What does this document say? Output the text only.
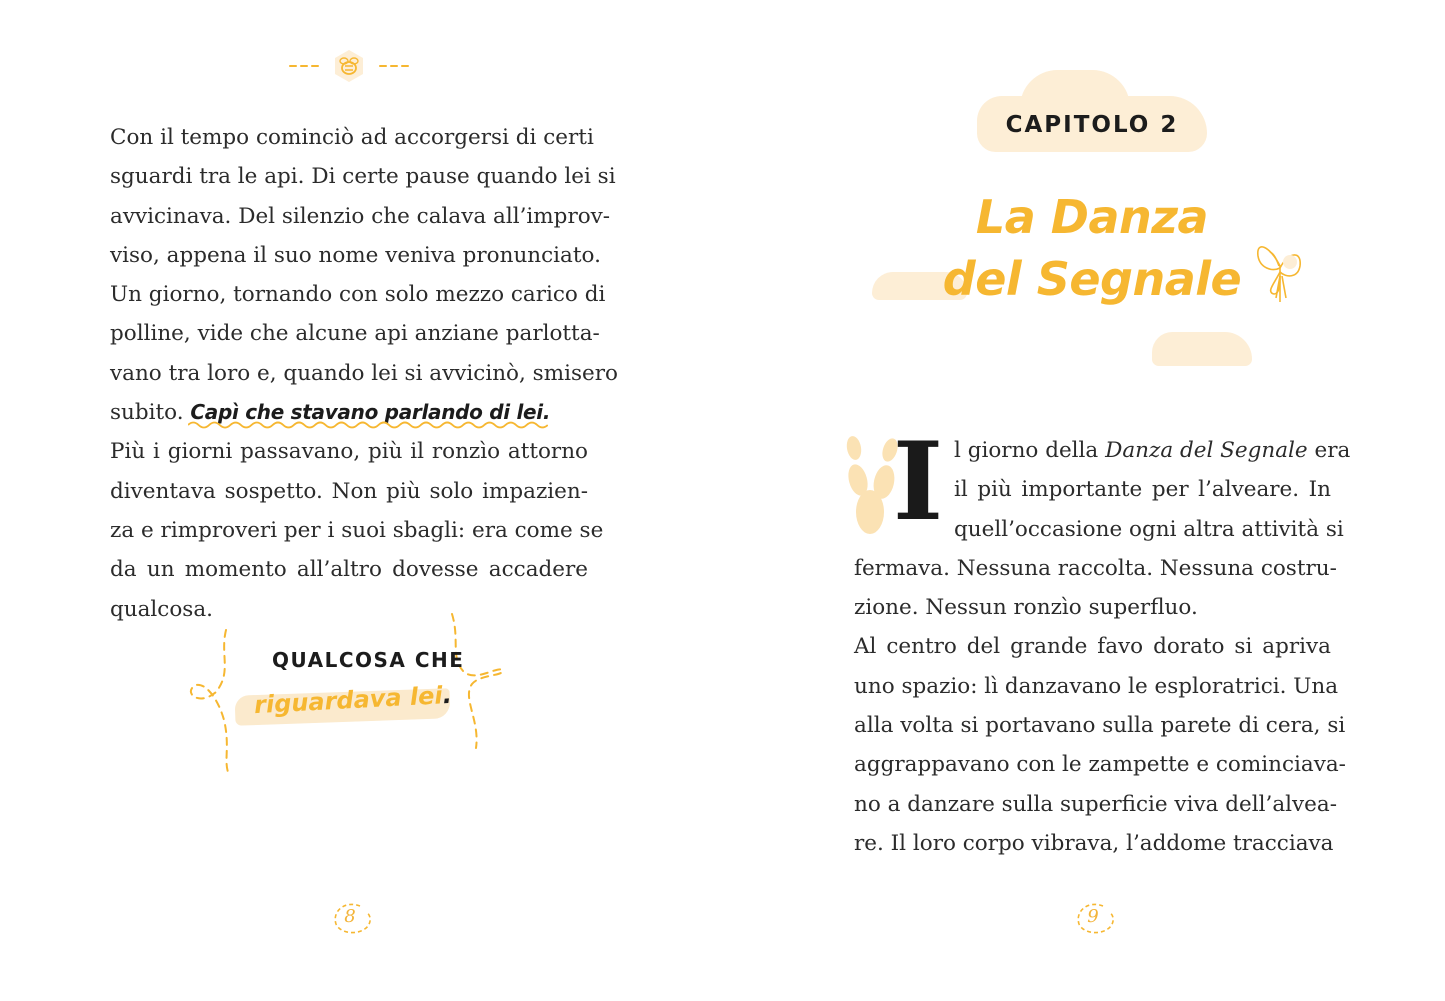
Con il tempo cominciò ad accorgersi di certi
sguardi tra le api. Di certe pause quando lei si
avvicinava. Del silenzio che calava all’improv-
viso, appena il suo nome veniva pronunciato.
Un giorno, tornando con solo mezzo carico di
polline, vide che alcune api anziane parlotta-
vano tra loro e, quando lei si avvicinò, smisero
subito. Capì che stavano parlando di lei.
Più i giorni passavano, più il ronzìo attorno
diventava sospetto. Non più solo impazien-
za e rimproveri per i suoi sbagli: era come se
da un momento all’altro dovesse accadere
qualcosa.
QUALCOSA CHE
riguardava lei.
8
CAPITOLO 2
La Danza
del Segnale
I l giorno della Danza del Segnale era
il più importante per l’alveare. In
quell’occasione ogni altra attività si
fermava. Nessuna raccolta. Nessuna costru-
zione. Nessun ronzìo superfluo.
Al centro del grande favo dorato si apriva
uno spazio: lì danzavano le esploratrici. Una
alla volta si portavano sulla parete di cera, si
aggrappavano con le zampette e cominciava-
no a danzare sulla superficie viva dell’alvea-
re. Il loro corpo vibrava, l’addome tracciava
9
